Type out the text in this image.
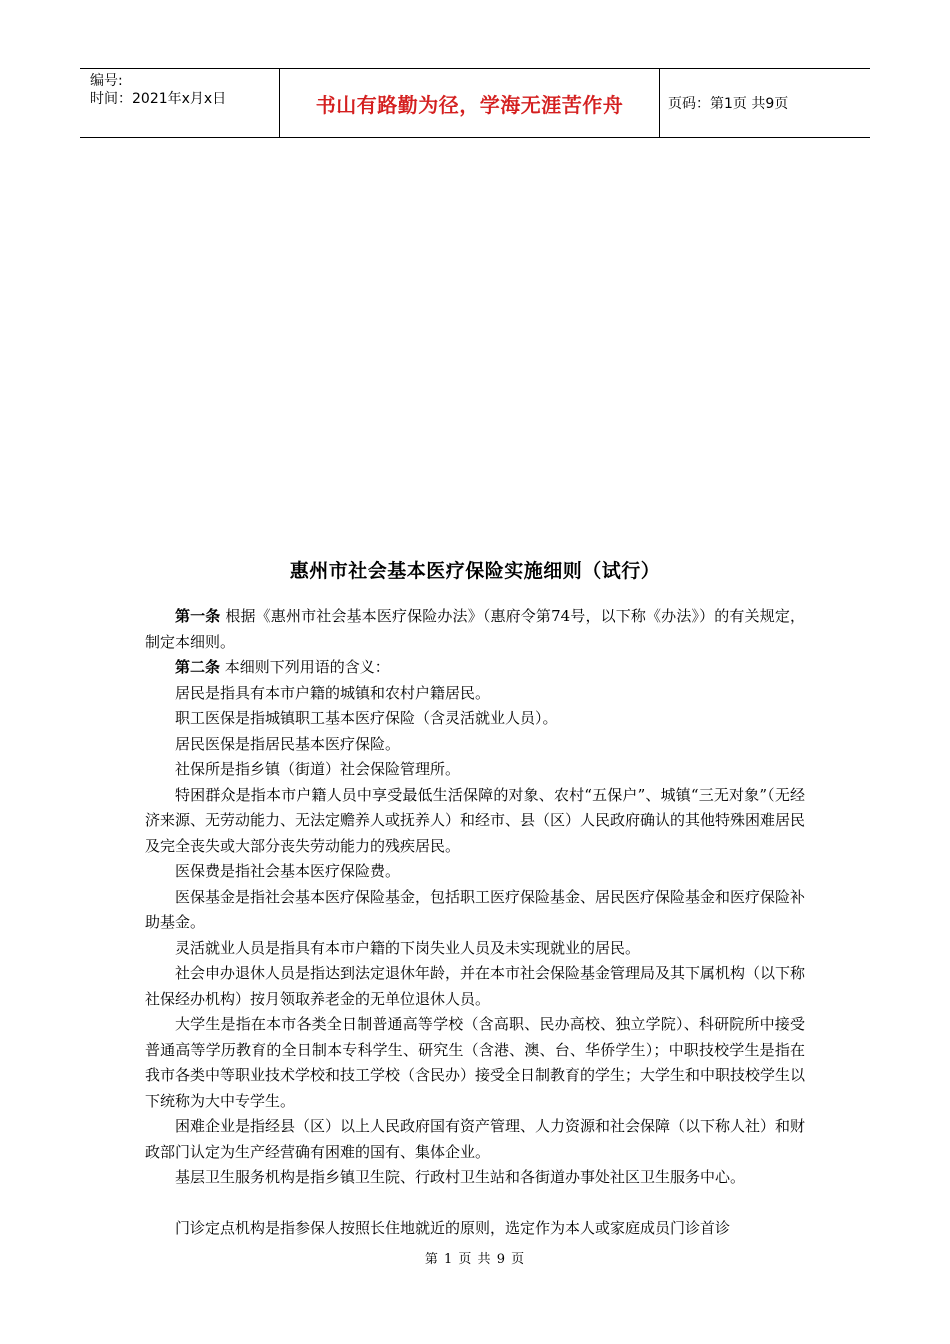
编号:
时间：2021年x月x日	书山有路勤为径，学海无涯苦作舟	页码：第1页 共9页
惠州市社会基本医疗保险实施细则（试行）

第一条 根据《惠州市社会基本医疗保险办法》（惠府令第74号，以下称《办法》）的有关规定，制定本细则。

第二条 本细则下列用语的含义：

居民是指具有本市户籍的城镇和农村户籍居民。

职工医保是指城镇职工基本医疗保险（含灵活就业人员）。

居民医保是指居民基本医疗保险。

社保所是指乡镇（街道）社会保险管理所。

特困群众是指本市户籍人员中享受最低生活保障的对象、农村“五保户”、城镇“三无对象”（无经济来源、无劳动能力、无法定赡养人或抚养人）和经市、县（区）人民政府确认的其他特殊困难居民及完全丧失或大部分丧失劳动能力的残疾居民。

医保费是指社会基本医疗保险费。

医保基金是指社会基本医疗保险基金，包括职工医疗保险基金、居民医疗保险基金和医疗保险补助基金。

灵活就业人员是指具有本市户籍的下岗失业人员及未实现就业的居民。

社会申办退休人员是指达到法定退休年龄，并在本市社会保险基金管理局及其下属机构（以下称社保经办机构）按月领取养老金的无单位退休人员。

大学生是指在本市各类全日制普通高等学校（含高职、民办高校、独立学院）、科研院所中接受普通高等学历教育的全日制本专科学生、研究生（含港、澳、台、华侨学生）；中职技校学生是指在我市各类中等职业技术学校和技工学校（含民办）接受全日制教育的学生；大学生和中职技校学生以下统称为大中专学生。

困难企业是指经县（区）以上人民政府国有资产管理、人力资源和社会保障（以下称人社）和财政部门认定为生产经营确有困难的国有、集体企业。

基层卫生服务机构是指乡镇卫生院、行政村卫生站和各街道办事处社区卫生服务中心。

门诊定点机构是指参保人按照长住地就近的原则，选定作为本人或家庭成员门诊首诊

第 1 页 共 9 页
